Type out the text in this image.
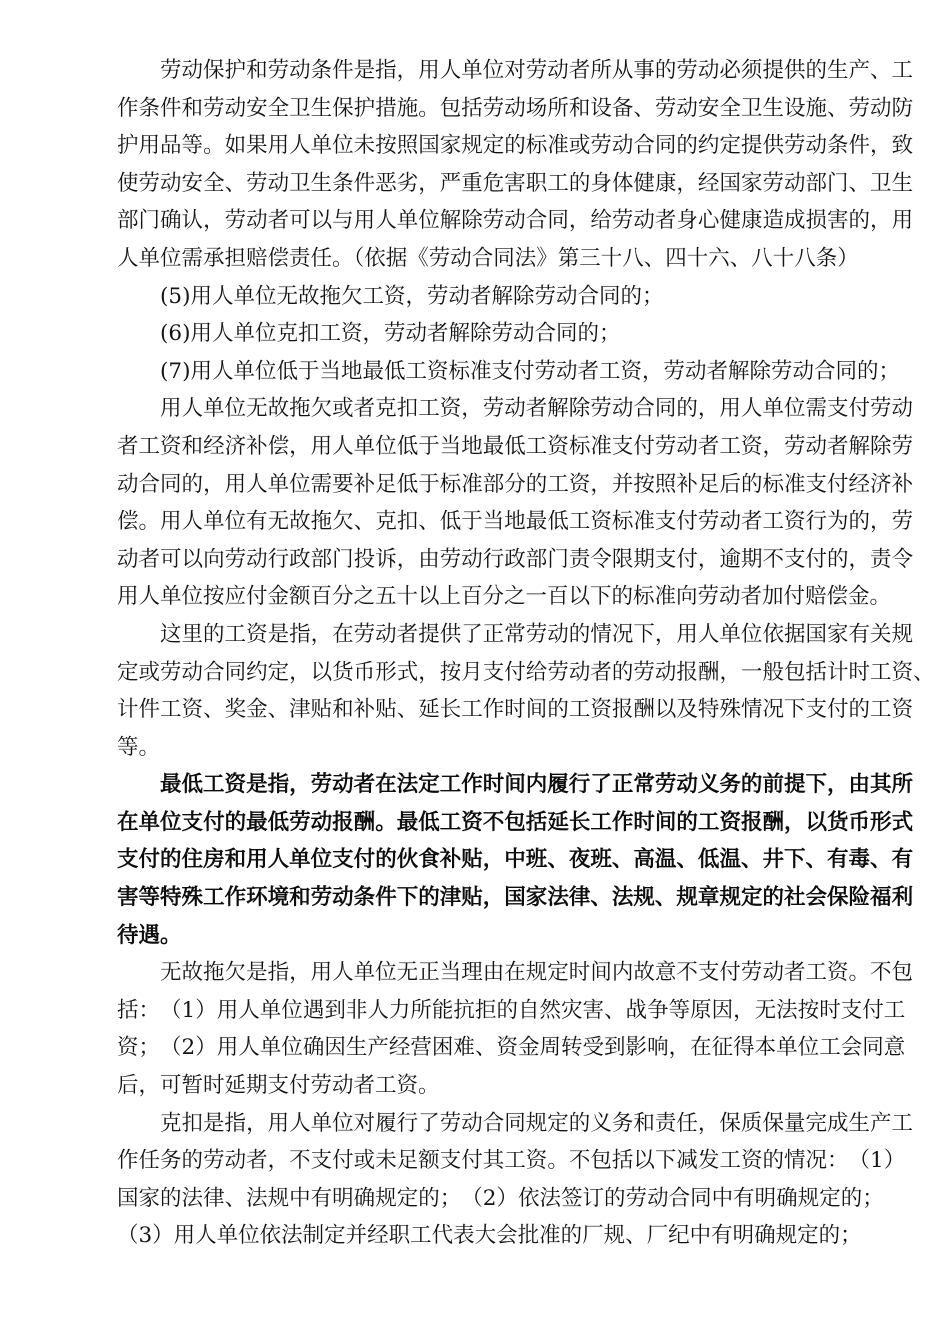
劳 动 保 护 和 劳 动 条 件 是 指 ， 用 人 单 位 对 劳 动 者 所 从 事 的 劳 动 必 须 提 供 的 生 产 、 工
作 条 件 和 劳 动 安 全 卫 生 保 护 措 施 。 包 括 劳 动 场 所 和 设 备 、 劳 动 安 全 卫 生 设 施 、 劳 动 防
护 用 品 等 。 如 果 用 人 单 位 未 按 照 国 家 规 定 的 标 准 或 劳 动 合 同 的 约 定 提 供 劳 动 条 件 ， 致
使 劳 动 安 全 、 劳 动 卫 生 条 件 恶 劣 ， 严 重 危 害 职 工 的 身 体 健 康 ， 经 国 家 劳 动 部 门 、 卫 生
部 门 确 认 ， 劳 动 者 可 以 与 用 人 单 位 解 除 劳 动 合 同 ， 给 劳 动 者 身 心 健 康 造 成 损 害 的 ， 用
人单位需承担赔偿责任。（依据《劳动合同法》第三十八、四十六、八十八条）
(5)用人单位无故拖欠工资，劳动者解除劳动合同的；
(6)用人单位克扣工资，劳动者解除劳动合同的；
(7)用人单位低于当地最低工资标准支付劳动者工资，劳动者解除劳动合同的；
用 人 单 位 无 故 拖 欠 或 者 克 扣 工 资 ， 劳 动 者 解 除 劳 动 合 同 的 ， 用 人 单 位 需 支 付 劳 动
者 工 资 和 经 济 补 偿 ， 用 人 单 位 低 于 当 地 最 低 工 资 标 准 支 付 劳 动 者 工 资 ， 劳 动 者 解 除 劳
动 合 同 的 ， 用 人 单 位 需 要 补 足 低 于 标 准 部 分 的 工 资 ， 并 按 照 补 足 后 的 标 准 支 付 经 济 补
偿 。 用 人 单 位 有 无 故 拖 欠 、 克 扣 、 低 于 当 地 最 低 工 资 标 准 支 付 劳 动 者 工 资 行 为 的 ， 劳
动 者 可 以 向 劳 动 行 政 部 门 投 诉 ， 由 劳 动 行 政 部 门 责 令 限 期 支 付 ， 逾 期 不 支 付 的 ， 责 令
用人单位按应付金额百分之五十以上百分之一百以下的标准向劳动者加付赔偿金。
这 里 的 工 资 是 指 ， 在 劳 动 者 提 供 了 正 常 劳 动 的 情 况 下 ， 用 人 单 位 依 据 国 家 有 关 规
定 或 劳 动 合 同 约 定 ， 以 货 币 形 式 ， 按 月 支 付 给 劳 动 者 的 劳 动 报 酬 ， 一 般 包 括 计 时 工 资 、
计 件 工 资 、 奖 金 、 津 贴 和 补 贴 、 延 长 工 作 时 间 的 工 资 报 酬 以 及 特 殊 情 况 下 支 付 的 工 资
等。
最 低 工 资 是 指 ， 劳 动 者 在 法 定 工 作 时 间 内 履 行 了 正 常 劳 动 义 务 的 前 提 下 ， 由 其 所
在 单 位 支 付 的 最 低 劳 动 报 酬 。 最 低 工 资 不 包 括 延 长 工 作 时 间 的 工 资 报 酬 ， 以 货 币 形 式
支 付 的 住 房 和 用 人 单 位 支 付 的 伙 食 补 贴 ， 中 班 、 夜 班 、 高 温 、 低 温 、 井 下 、 有 毒 、 有
害 等 特 殊 工 作 环 境 和 劳 动 条 件 下 的 津 贴 ， 国 家 法 律 、 法 规 、 规 章 规 定 的 社 会 保 险 福 利
待遇。
无 故 拖 欠 是 指 ， 用 人 单 位 无 正 当 理 由 在 规 定 时 间 内 故 意 不 支 付 劳 动 者 工 资 。 不 包
括 ： （ 1 ） 用 人 单 位 遇 到 非 人 力 所 能 抗 拒 的 自 然 灾 害 、 战 争 等 原 因 ， 无 法 按 时 支 付 工
资 ； （ 2 ） 用 人 单 位 确 因 生 产 经 营 困 难 、 资 金 周 转 受 到 影 响 ， 在 征 得 本 单 位 工 会 同 意
后，可暂时延期支付劳动者工资。
克 扣 是 指 ， 用 人 单 位 对 履 行 了 劳 动 合 同 规 定 的 义 务 和 责 任 ， 保 质 保 量 完 成 生 产 工
作 任 务 的 劳 动 者 ， 不 支 付 或 未 足 额 支 付 其 工 资 。 不 包 括 以 下 减 发 工 资 的 情 况 ： （ 1 ）
国 家 的 法 律 、 法 规 中 有 明 确 规 定 的 ； （ 2 ） 依 法 签 订 的 劳 动 合 同 中 有 明 确 规 定 的 ；
（3）用人单位依法制定并经职工代表大会批准的厂规、厂纪中有明确规定的；
